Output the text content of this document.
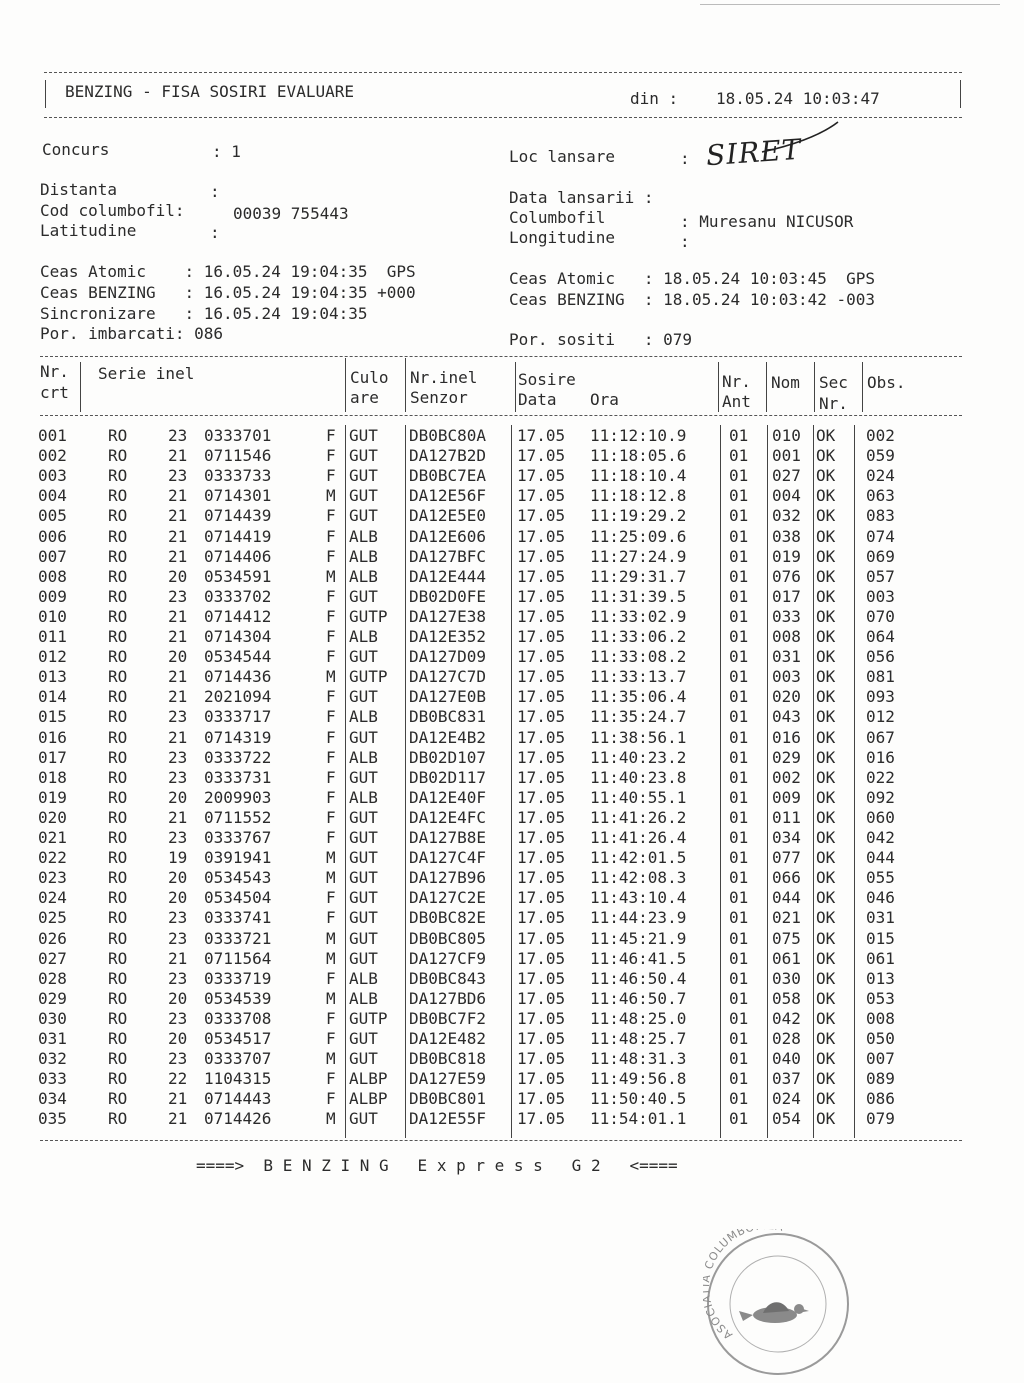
BENZING - FISA SOSIRI EVALUARE	din : 18.05.24 10:03:47
Concurs	: 1	Loc lansare	: SIRET
Distanta	:
Cod columbofil:	00039 755443
Latitudine	:
Data lansarii :
Columbofil	: Muresanu NICUSOR
Longitudine	:
Ceas Atomic    : 16.05.24 19:04:35  GPS
Ceas BENZING   : 16.05.24 19:04:35 +000
Sincronizare   : 16.05.24 19:04:35
Por. imbarcati: 086
Ceas Atomic   : 18.05.24 10:03:45  GPS
Ceas BENZING  : 18.05.24 10:03:42 -003
Por. sositi   : 079
Nr.
crt
Serie inel	Culo
are
Nr.inel
Senzor
Sosire
Data Ora
Nr.
Ant
Nom Sec
Nr.
Obs.
001	RO	23 0333701	F GUT DB0BC80A 17.05 11:12:10.9	01 010 OK 002
002	RO	21 0711546	F GUT DA127B2D 17.05 11:18:05.6	01 001 OK 059
003	RO	23 0333733	F GUT DB0BC7EA 17.05 11:18:10.4	01 027 OK 024
004	RO	21 0714301	M GUT DA12E56F 17.05 11:18:12.8	01 004 OK 063
005	RO	21 0714439	F GUT DA12E5E0 17.05 11:19:29.2	01 032 OK 083
006	RO	21 0714419	F ALB DA12E606 17.05 11:25:09.6	01 038 OK 074
007	RO	21 0714406	F ALB DA127BFC 17.05 11:27:24.9	01 019 OK 069
008	RO	20 0534591	M ALB DA12E444 17.05 11:29:31.7	01 076 OK 057
009	RO	23 0333702	F GUT DB02D0FE 17.05 11:31:39.5	01 017 OK 003
010	RO	21 0714412	F GUTP DA127E38 17.05 11:33:02.9	01 033 OK 070
011	RO	21 0714304	F ALB DA12E352 17.05 11:33:06.2	01 008 OK 064
012	RO	20 0534544	F GUT DA127D09 17.05 11:33:08.2	01 031 OK 056
013	RO	21 0714436	M GUTP DA127C7D 17.05 11:33:13.7	01 003 OK 081
014	RO	21 2021094	F GUT DA127E0B 17.05 11:35:06.4	01 020 OK 093
015	RO	23 0333717	F ALB DB0BC831 17.05 11:35:24.7	01 043 OK 012
016	RO	21 0714319	F GUT DA12E4B2 17.05 11:38:56.1	01 016 OK 067
017	RO	23 0333722	F ALB DB02D107 17.05 11:40:23.2	01 029 OK 016
018	RO	23 0333731	F GUT DB02D117 17.05 11:40:23.8	01 002 OK 022
019	RO	20 2009903	F ALB DA12E40F 17.05 11:40:55.1	01 009 OK 092
020	RO	21 0711552	F GUT DA12E4FC 17.05 11:41:26.2	01 011 OK 060
021	RO	23 0333767	F GUT DA127B8E 17.05 11:41:26.4	01 034 OK 042
022	RO	19 0391941	M GUT DA127C4F 17.05 11:42:01.5	01 077 OK 044
023	RO	20 0534543	M GUT DA127B96 17.05 11:42:08.3	01 066 OK 055
024	RO	20 0534504	F GUT DA127C2E 17.05 11:43:10.4	01 044 OK 046
025	RO	23 0333741	F GUT DB0BC82E 17.05 11:44:23.9	01 021 OK 031
026	RO	23 0333721	M GUT DB0BC805 17.05 11:45:21.9	01 075 OK 015
027	RO	21 0711564	M GUT DA127CF9 17.05 11:46:41.5	01 061 OK 061
028	RO	23 0333719	F ALB DB0BC843 17.05 11:46:50.4	01 030 OK 013
029	RO	20 0534539	M ALB DA127BD6 17.05 11:46:50.7	01 058 OK 053
030	RO	23 0333708	F GUTP DB0BC7F2 17.05 11:48:25.0	01 042 OK 008
031	RO	20 0534517	F GUT DA12E482 17.05 11:48:25.7	01 028 OK 050
032	RO	23 0333707	M GUT DB0BC818 17.05 11:48:31.3	01 040 OK 007
033	RO	22 1104315	F ALBP DA127E59 17.05 11:49:56.8	01 037 OK 089
034	RO	21 0714443	F ALBP DB0BC801 17.05 11:50:40.5	01 024 OK 086
035	RO	21 0714426	M GUT DA12E55F 17.05 11:54:01.1	01 054 OK 079
====>  B E N Z I N G   E x p r e s s   G 2   <====

ASOC COLUMB
